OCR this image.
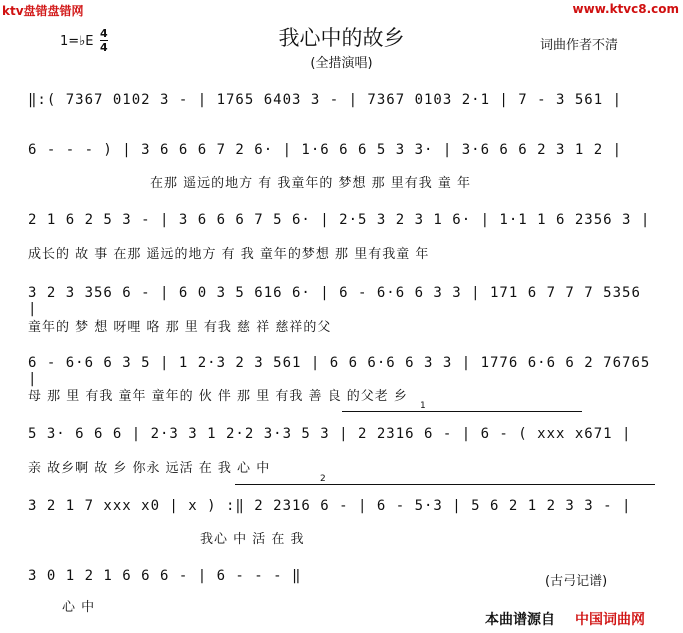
ktv盘错盘错网	www.ktvc8.com
1=♭E
4
4	我心中的故乡
(全措演唱)
词曲作者不清
‖:( 7367 0102 3 - | 1765 6403 3 - | 7367 0103 2·1 | 7 - 3 561 |
6 - - - ) | 3 6 6 6 7 2 6· | 1·6 6 6 5 3 3· | 3·6 6 6 2 3 1 2 |
在那 遥远的地方 有 我童年的 梦想 那 里有我 童 年
2 1 6 2 5 3 - | 3 6 6 6 7 5 6· | 2·5 3 2 3 1 6· | 1·1 1 6 2356 3 |
成长的 故 事 在那 遥远的地方 有 我 童年的梦想 那 里有我童 年
3 2 3 356 6 - | 6 0 3 5 616 6· | 6 - 6·6 6 3 3 | 171 6 7 7 7 5356 |
童年的 梦 想 呀哩 咯 那 里 有我 慈 祥 慈祥的父
6 - 6·6 6 3 5 | 1 2·3 2 3 561 | 6 6 6·6 6 3 3 | 1776 6·6 6 2 76765 |
母 那 里 有我 童年 童年的 伙 伴 那 里 有我 善 良 的父老 乡
1
5 3· 6 6 6 | 2·3 3 1 2·2 3·3 5 3 | 2 2316 6 - | 6 - ( xxx x671 |
亲 故乡啊 故 乡 你永 远活 在 我 心 中
2
3 2 1 7 xxx x0 | x ) :‖ 2 2316 6 - | 6 - 5·3 | 5 6 2 1 2 3 3 - |
我心 中 活 在 我
3 0 1 2 1 6 6 6 - | 6 - - - ‖
心 中
(古弓记谱)
本曲谱源自 中国词曲网
